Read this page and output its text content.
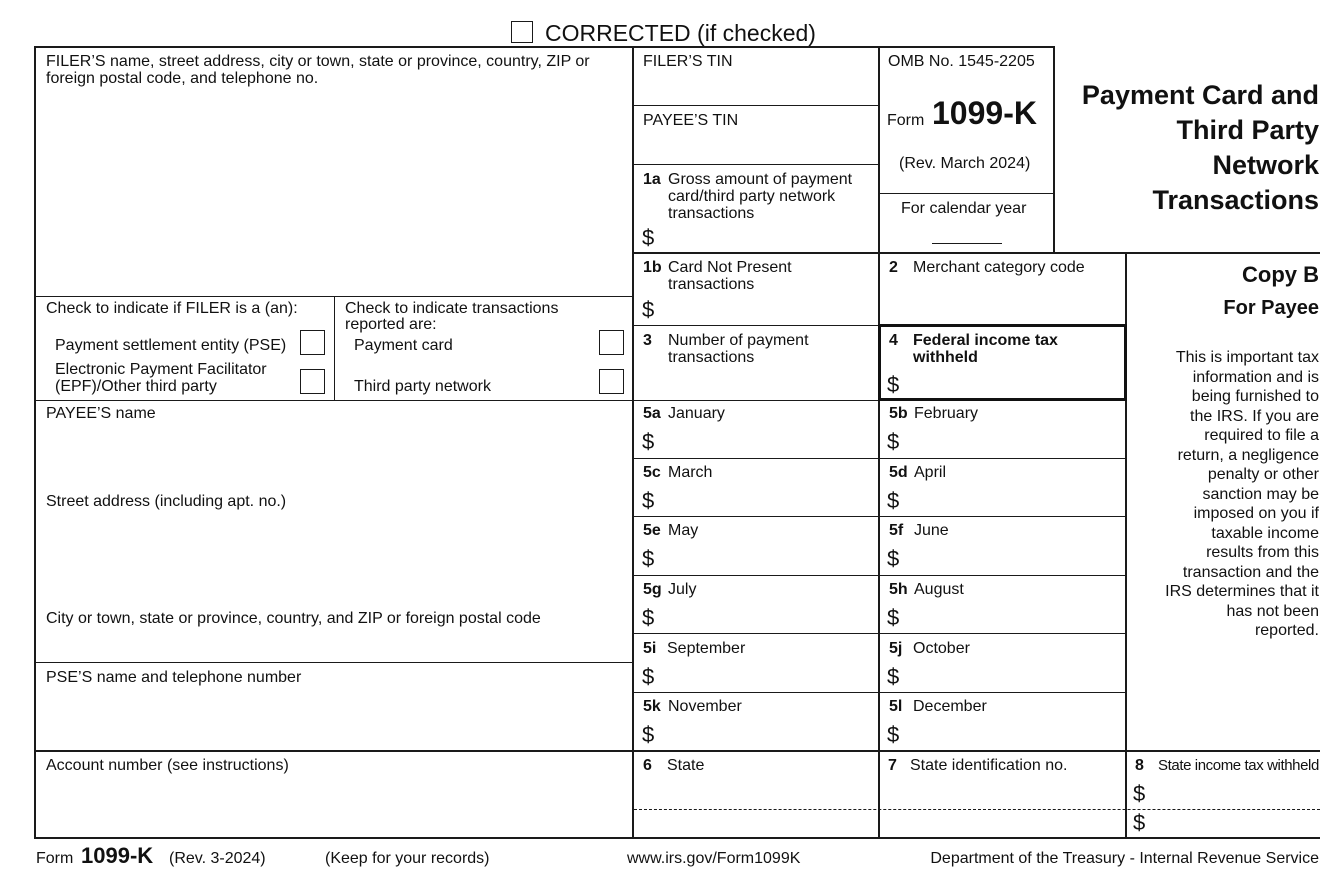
CORRECTED (if checked)
FILER’S name, street address, city or town, state or province, country, ZIP or foreign postal code, and telephone no.
Check to indicate if FILER is a (an):
Payment settlement entity (PSE)
Electronic Payment Facilitator
(EPF)/Other third party
Check to indicate transactions
reported are:
Payment card
Third party network
PAYEE’S name
Street address (including apt. no.)
City or town, state or province, country, and ZIP or foreign postal code
PSE’S name and telephone number
Account number (see instructions)
FILER’S TIN
PAYEE’S TIN
OMB No. 1545-2205
Form 1099-K
(Rev. March 2024)
For calendar year
Payment Card and
Third Party
Network
Transactions
Copy B
For Payee
This is important tax
information and is
being furnished to
the IRS. If you are
required to file a
return, a negligence
penalty or other
sanction may be
imposed on you if
taxable income
results from this
transaction and the
IRS determines that it
has not been
reported.
1a Gross amount of payment
card/third party network
transactions
$
1b Card Not Present
transactions
$
2 Merchant category code
3 Number of payment
transactions
4 Federal income tax
withheld
$
5a January
$
5b February
$
5c March
$
5d April
$
5e May
$
5f June
$
5g July
$
5h August
$
5i September
$
5j October
$
5k November
$
5l December
$
6 State	7 State identification no.	8 State income tax withheld
$
$
Form 1099-K (Rev. 3-2024)	(Keep for your records)	www.irs.gov/Form1099K	Department of the Treasury - Internal Revenue Service
